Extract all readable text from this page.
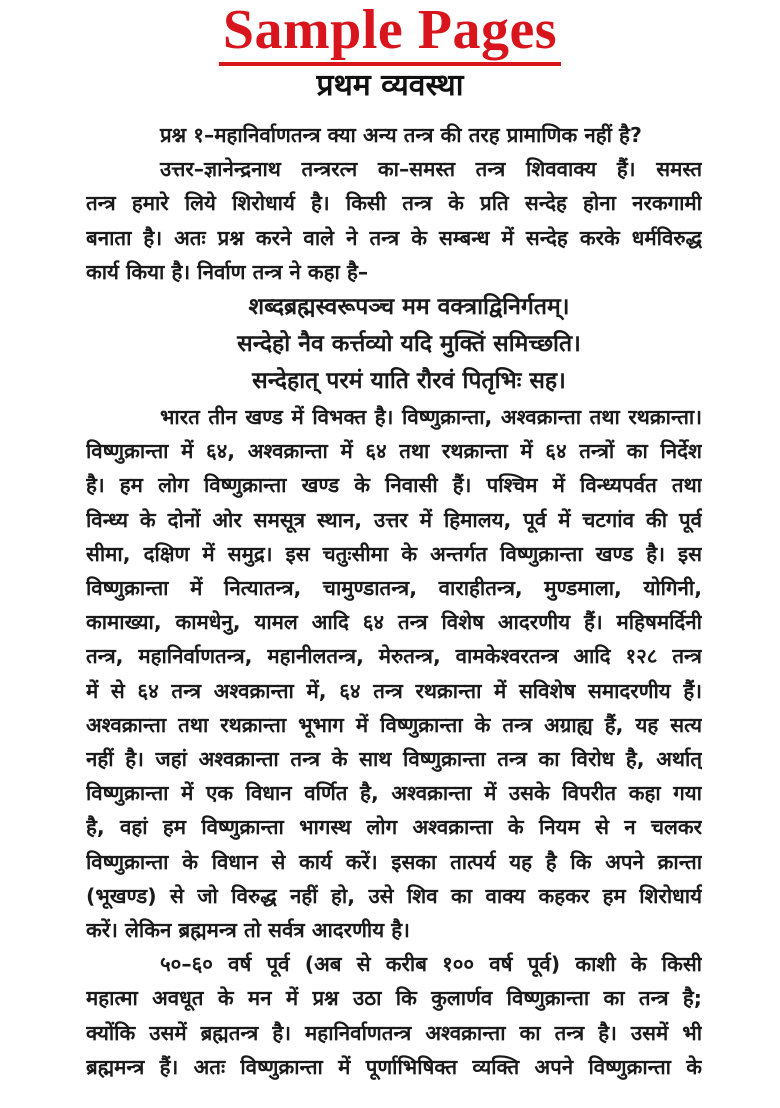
Sample Pages
प्रथम व्यवस्था
प्रश्न १–महानिर्वाणतन्त्र क्या अन्य तन्त्र की तरह प्रामाणिक नहीं है?
उत्तर–ज्ञानेन्द्रनाथ तन्त्ररत्न का–समस्त तन्त्र शिववाक्य हैं। समस्त
तन्त्र हमारे लिये शिरोधार्य है। किसी तन्त्र के प्रति सन्देह होना नरकगामी
बनाता है। अतः प्रश्न करने वाले ने तन्त्र के सम्बन्ध में सन्देह करके धर्मविरुद्ध
कार्य किया है। निर्वाण तन्त्र ने कहा है–
शब्दब्रह्मस्वरूपञ्च मम वक्त्राद्विनिर्गतम्।
सन्देहो नैव कर्त्तव्यो यदि मुक्तिं समिच्छति।
सन्देहात् परमं याति रौरवं पितृभिः सह।
भारत तीन खण्ड में विभक्त है। विष्णुक्रान्ता, अश्वक्रान्ता तथा रथक्रान्ता।
विष्णुक्रान्ता में ६४, अश्वक्रान्ता में ६४ तथा रथक्रान्ता में ६४ तन्त्रों का निर्देश
है। हम लोग विष्णुक्रान्ता खण्ड के निवासी हैं। पश्चिम में विन्ध्यपर्वत तथा
विन्ध्य के दोनों ओर समसूत्र स्थान, उत्तर में हिमालय, पूर्व में चटगांव की पूर्व
सीमा, दक्षिण में समुद्र। इस चतुःसीमा के अन्तर्गत विष्णुक्रान्ता खण्ड है। इस
विष्णुक्रान्ता में नित्यातन्त्र, चामुण्डातन्त्र, वाराहीतन्त्र, मुण्डमाला, योगिनी,
कामाख्या, कामधेनु, यामल आदि ६४ तन्त्र विशेष आदरणीय हैं। महिषमर्दिनी
तन्त्र, महानिर्वाणतन्त्र, महानीलतन्त्र, मेरुतन्त्र, वामकेश्वरतन्त्र आदि १२८ तन्त्र
में से ६४ तन्त्र अश्वक्रान्ता में, ६४ तन्त्र रथक्रान्ता में सविशेष समादरणीय हैं।
अश्वक्रान्ता तथा रथक्रान्ता भूभाग में विष्णुक्रान्ता के तन्त्र अग्राह्य हैं, यह सत्य
नहीं है। जहां अश्वक्रान्ता तन्त्र के साथ विष्णुक्रान्ता तन्त्र का विरोध है, अर्थात्
विष्णुक्रान्ता में एक विधान वर्णित है, अश्वक्रान्ता में उसके विपरीत कहा गया
है, वहां हम विष्णुक्रान्ता भागस्थ लोग अश्वक्रान्ता के नियम से न चलकर
विष्णुक्रान्ता के विधान से कार्य करें। इसका तात्पर्य यह है कि अपने क्रान्ता
(भूखण्ड) से जो विरुद्ध नहीं हो, उसे शिव का वाक्य कहकर हम शिरोधार्य
करें। लेकिन ब्रह्ममन्त्र तो सर्वत्र आदरणीय है।
५०–६० वर्ष पूर्व (अब से करीब १०० वर्ष पूर्व) काशी के किसी
महात्मा अवधूत के मन में प्रश्न उठा कि कुलार्णव विष्णुक्रान्ता का तन्त्र है;
क्योंकि उसमें ब्रह्मतन्त्र है। महानिर्वाणतन्त्र अश्वक्रान्ता का तन्त्र है। उसमें भी
ब्रह्ममन्त्र हैं। अतः विष्णुक्रान्ता में पूर्णाभिषिक्त व्यक्ति अपने विष्णुक्रान्ता के
